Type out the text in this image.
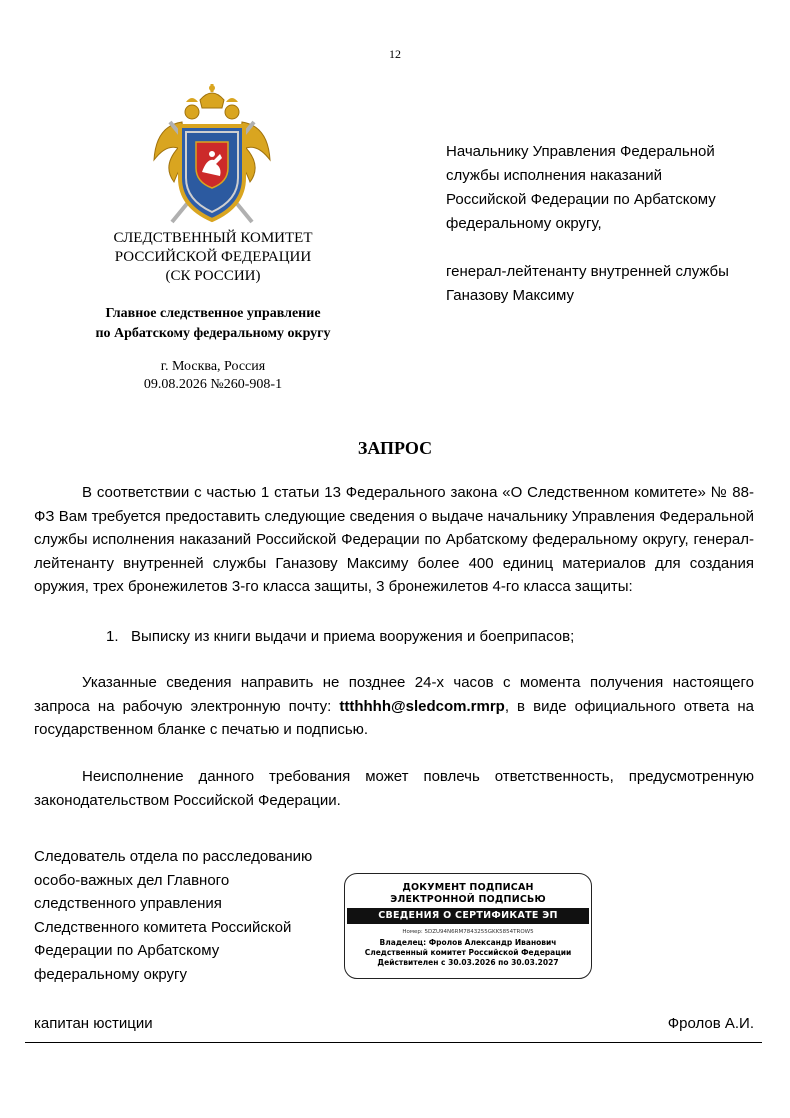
12
СЛЕДСТВЕННЫЙ КОМИТЕТ
РОССИЙСКОЙ ФЕДЕРАЦИИ
(СК РОССИИ)
Главное следственное управление
по Арбатскому федеральному округу
г. Москва, Россия
09.08.2026 №260-908-1

Начальнику Управления Федеральной

службы исполнения наказаний

Российской Федерации по Арбатскому

федеральному округу,

генерал-лейтенанту внутренней службы

Ганазову Максиму

ЗАПРОС

В соответствии с частью 1 статьи 13 Федерального закона «О Следственном комитете» № 88-ФЗ Вам требуется предоставить следующие сведения о выдаче начальнику Управления Федеральной службы исполнения наказаний Российской Федерации по Арбатскому федеральному округу, генерал-лейтенанту внутренней службы Ганазову Максиму более 400 единиц материалов для создания оружия, трех бронежилетов 3-го класса защиты, 3 бронежилетов 4-го класса защиты:

1. Выписку из книги выдачи и приема вооружения и боеприпасов;

Указанные сведения направить не позднее 24-х часов с момента получения настоящего запроса на рабочую электронную почту: ttthhhh@sledcom.rmrp, в виде официального ответа на государственном бланке с печатью и подписью.

Неисполнение данного требования может повлечь ответственность, предусмотренную законодательством Российской Федерации.

Следователь отдела по расследованию
особо-важных дел Главного
следственного управления
Следственного комитета Российской
Федерации по Арбатскому
федеральному округу
ДОКУМЕНТ ПОДПИСАН
ЭЛЕКТРОННОЙ ПОДПИСЬЮ
СВЕДЕНИЯ О СЕРТИФИКАТЕ ЭП
Номер: 5DZU94N6RM7843255GKK5854TROW5
Владелец: Фролов Александр Иванович
Следственный комитет Российской Федерации
Действителен с 30.03.2026 по 30.03.2027
капитан юстиции	Фролов А.И.
